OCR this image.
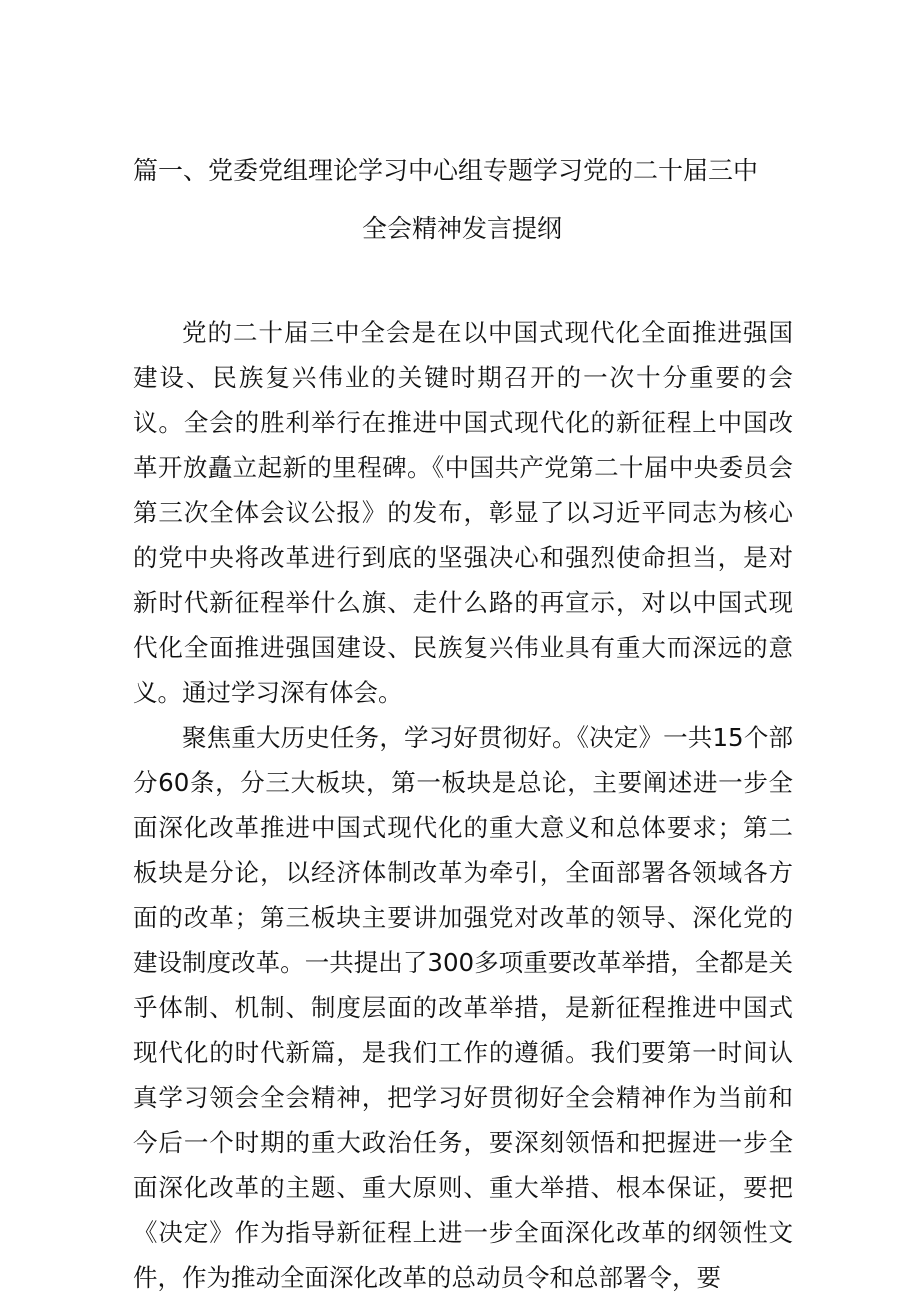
篇一、党委党组理论学习中心组专题学习党的二十届三中
全会精神发言提纲

党的二十届三中全会是在以中国式现代化全面推进强国建设、民族复兴伟业的关键时期召开的一次十分重要的会议。全会的胜利举行在推进中国式现代化的新征程上中国改革开放矗立起新的里程碑。《中国共产党第二十届中央委员会第三次全体会议公报》的发布，彰显了以习近平同志为核心的党中央将改革进行到底的坚强决心和强烈使命担当，是对新时代新征程举什么旗、走什么路的再宣示，对以中国式现代化全面推进强国建设、民族复兴伟业具有重大而深远的意义。通过学习深有体会。

聚焦重大历史任务，学习好贯彻好。《决定》一共15个部分60条，分三大板块，第一板块是总论，主要阐述进一步全面深化改革推进中国式现代化的重大意义和总体要求；第二板块是分论，以经济体制改革为牵引，全面部署各领域各方面的改革；第三板块主要讲加强党对改革的领导、深化党的建设制度改革。一共提出了300多项重要改革举措，全都是关乎体制、机制、制度层面的改革举措，是新征程推进中国式现代化的时代新篇，是我们工作的遵循。我们要第一时间认真学习领会全会精神，把学习好贯彻好全会精神作为当前和今后一个时期的重大政治任务，要深刻领悟和把握进一步全面深化改革的主题、重大原则、重大举措、根本保证，要把《决定》作为指导新征程上进一步全面深化改革的纲领性文件，作为推动全面深化改革的总动员令和总部署令，要
